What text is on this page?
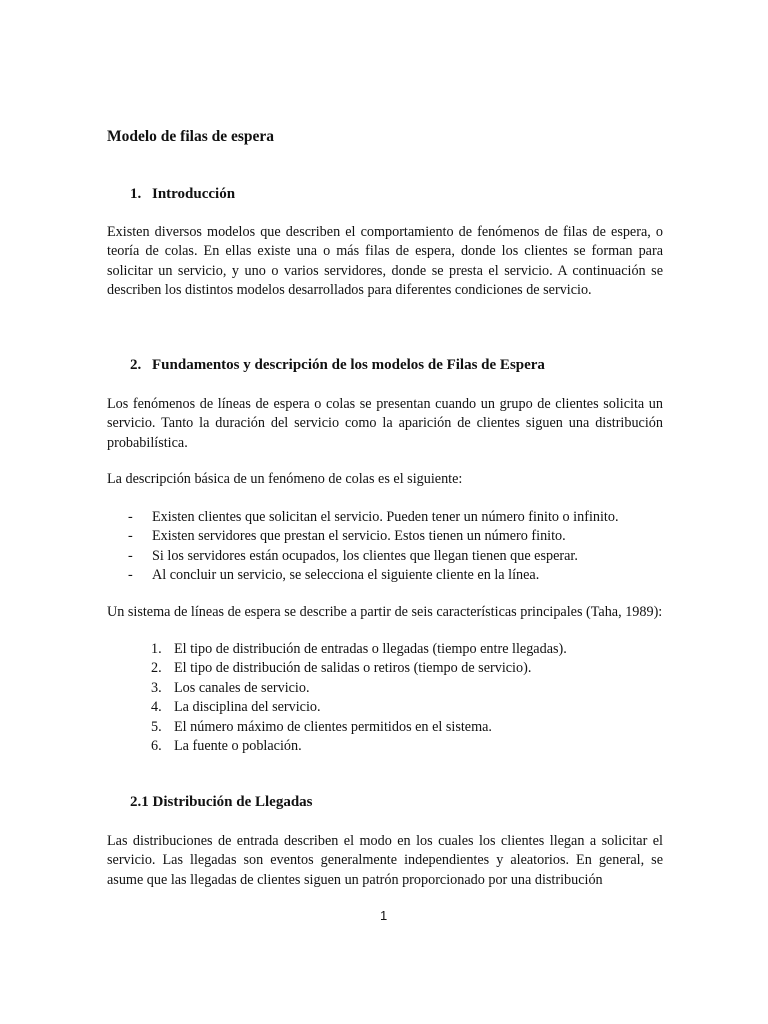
Modelo de filas de espera
1. Introducción

Existen diversos modelos que describen el comportamiento de fenómenos de filas de espera, o teoría de colas. En ellas existe una o más filas de espera, donde los clientes se forman para solicitar un servicio, y uno o varios servidores, donde se presta el servicio. A continuación se describen los distintos modelos desarrollados para diferentes condiciones de servicio.

2. Fundamentos y descripción de los modelos de Filas de Espera

Los fenómenos de líneas de espera o colas se presentan cuando un grupo de clientes solicita un servicio. Tanto la duración del servicio como la aparición de clientes siguen una distribución probabilística.

La descripción básica de un fenómeno de colas es el siguiente:

- Existen clientes que solicitan el servicio. Pueden tener un número finito o infinito.
- Existen servidores que prestan el servicio. Estos tienen un número finito.
- Si los servidores están ocupados, los clientes que llegan tienen que esperar.
- Al concluir un servicio, se selecciona el siguiente cliente en la línea.

Un sistema de líneas de espera se describe a partir de seis características principales (Taha, 1989):

1. El tipo de distribución de entradas o llegadas (tiempo entre llegadas).
2. El tipo de distribución de salidas o retiros (tiempo de servicio).
3. Los canales de servicio.
4. La disciplina del servicio.
5. El número máximo de clientes permitidos en el sistema.
6. La fuente o población.
2.1 Distribución de Llegadas

Las distribuciones de entrada describen el modo en los cuales los clientes llegan a solicitar el servicio. Las llegadas son eventos generalmente independientes y aleatorios. En general, se asume que las llegadas de clientes siguen un patrón proporcionado por una distribución

1
